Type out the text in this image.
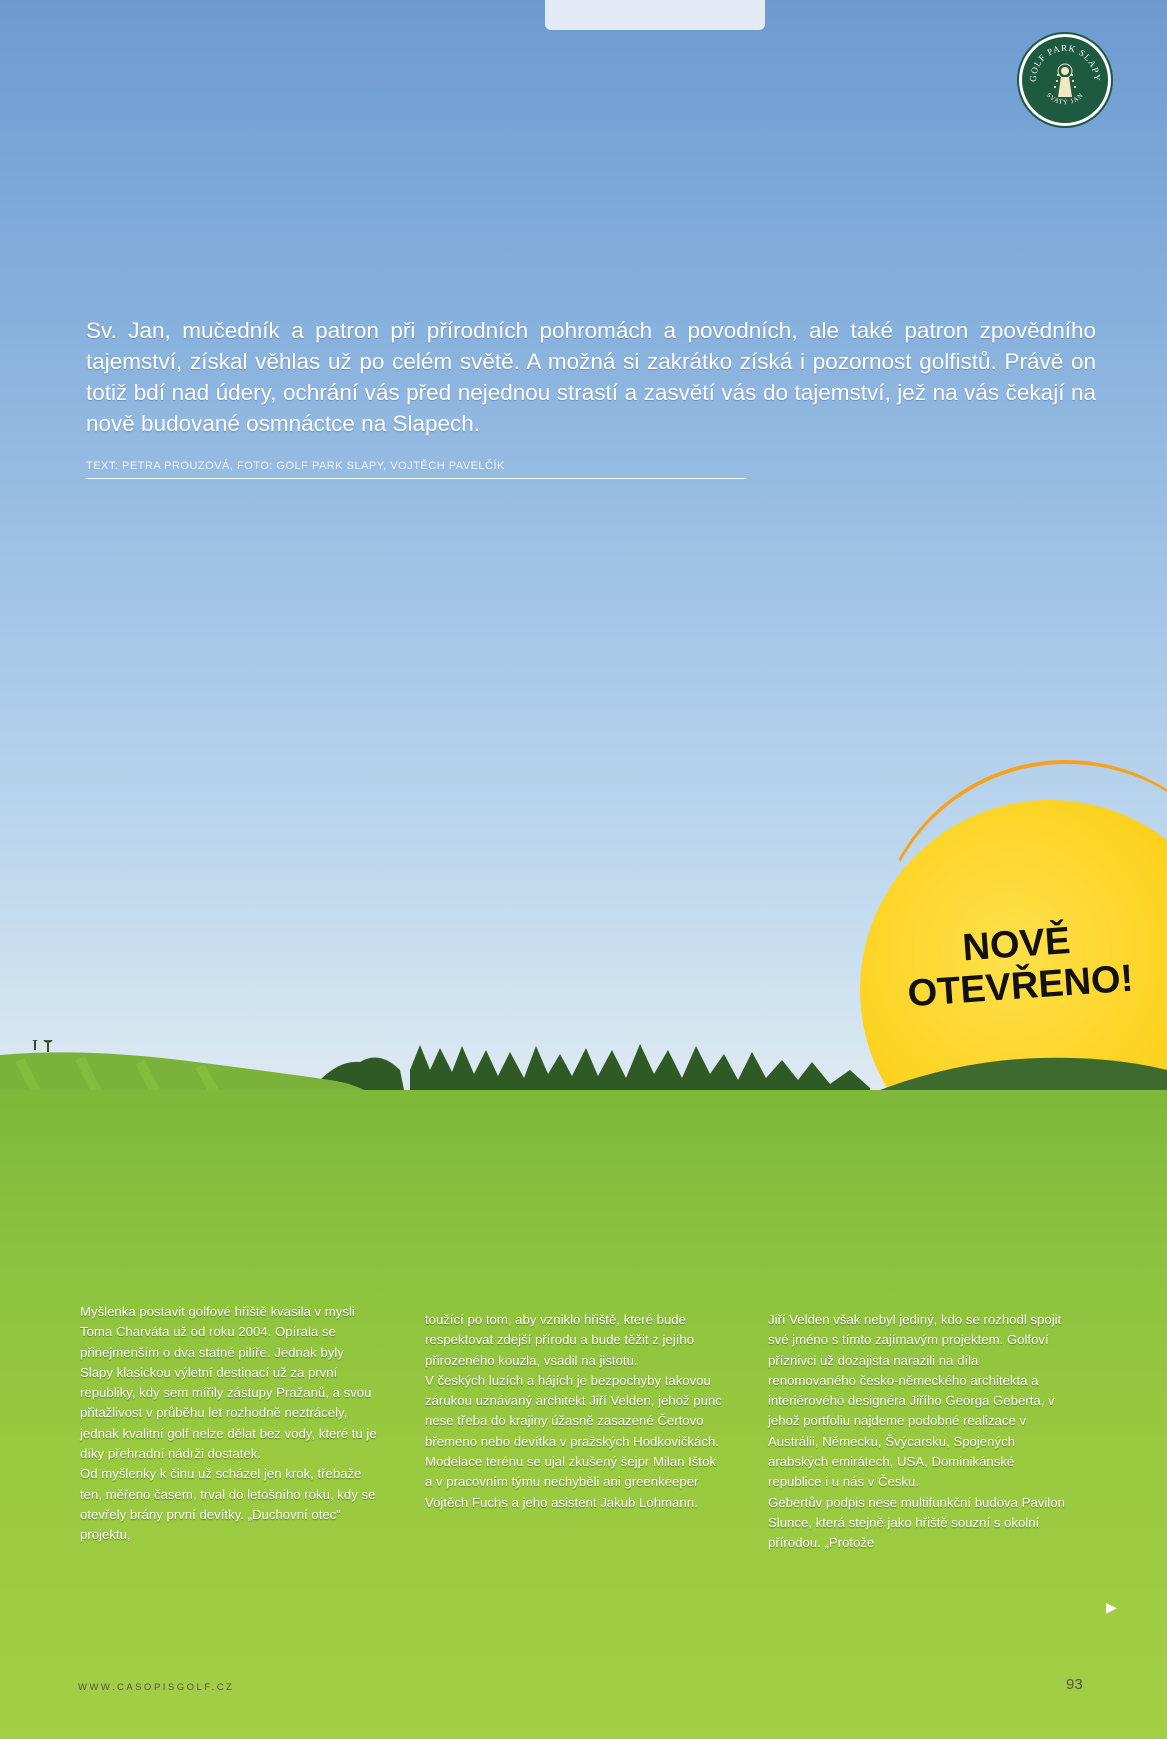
GOLF PARK SLAPY
SVATÝ JAN
Sv. Jan, mučedník a patron při přírodních pohromách a povodních, ale také patron zpovědního tajemství, získal věhlas už po celém světě. A možná si zakrátko získá i pozornost golfistů. Právě on totiž bdí nad údery, ochrání vás před nejednou strastí a zasvětí vás do tajemství, jež na vás čekají na nově budované osmnáctce na Slapech.
TEXT: PETRA PROUZOVÁ, FOTO: GOLF PARK SLAPY, VOJTĚCH PAVELČÍK
NOVĚ
OTEVŘENO!

Myšlenka postavit golfové hřiště kvasila v mysli Toma Charváta už od roku 2004. Opírala se přinejmenším o dva statné pilíře. Jednak byly Slapy klasickou výletní destinací už za první republiky, kdy sem mířily zástupy Pražanů, a svou přitažlivost v průběhu let rozhodně neztrácely, jednak kvalitní golf nelze dělat bez vody, které tu je díky přehradní nádrži dostatek.

Od myšlenky k činu už scházel jen krok, třebaže ten, měřeno časem, trval do letošního roku, kdy se otevřely brány první devítky. „Duchovní otec“ projektu,

toužící po tom, aby vzniklo hřiště, které bude respektovat zdejší přírodu a bude těžit z jejího přirozeného kouzla, vsadil na jistotu.

V českých luzích a hájích je bezpochyby takovou zárukou uznávaný architekt Jiří Velden, jehož punc nese třeba do krajiny úžasně zasazené Čertovo břemeno nebo devítka v pražských Hodkovičkách. Modelace terénu se ujal zkušený šejpr Milan Ištok a v pracovním týmu nechyběli ani greenkeeper Vojtěch Fuchs a jeho asistent Jakub Lohmann.

Jiří Velden však nebyl jediný, kdo se rozhodl spojit své jméno s tímto zajímavým projektem. Golfoví příznivci už dozajista narazili na díla renomovaného česko-německého architekta a interiérového designéra Jiřího Georga Geberta, v jehož portfoliu najdeme podobné realizace v Austrálii, Německu, Švýcarsku, Spojených arabských emirátech, USA, Dominikánské republice i u nás v Česku.

Gebertův podpis nese multifunkční budova Pavilon Slunce, která stejně jako hřiště souzní s okolní přírodou. „Protože

▶
WWW.CASOPISGOLF.CZ	93
